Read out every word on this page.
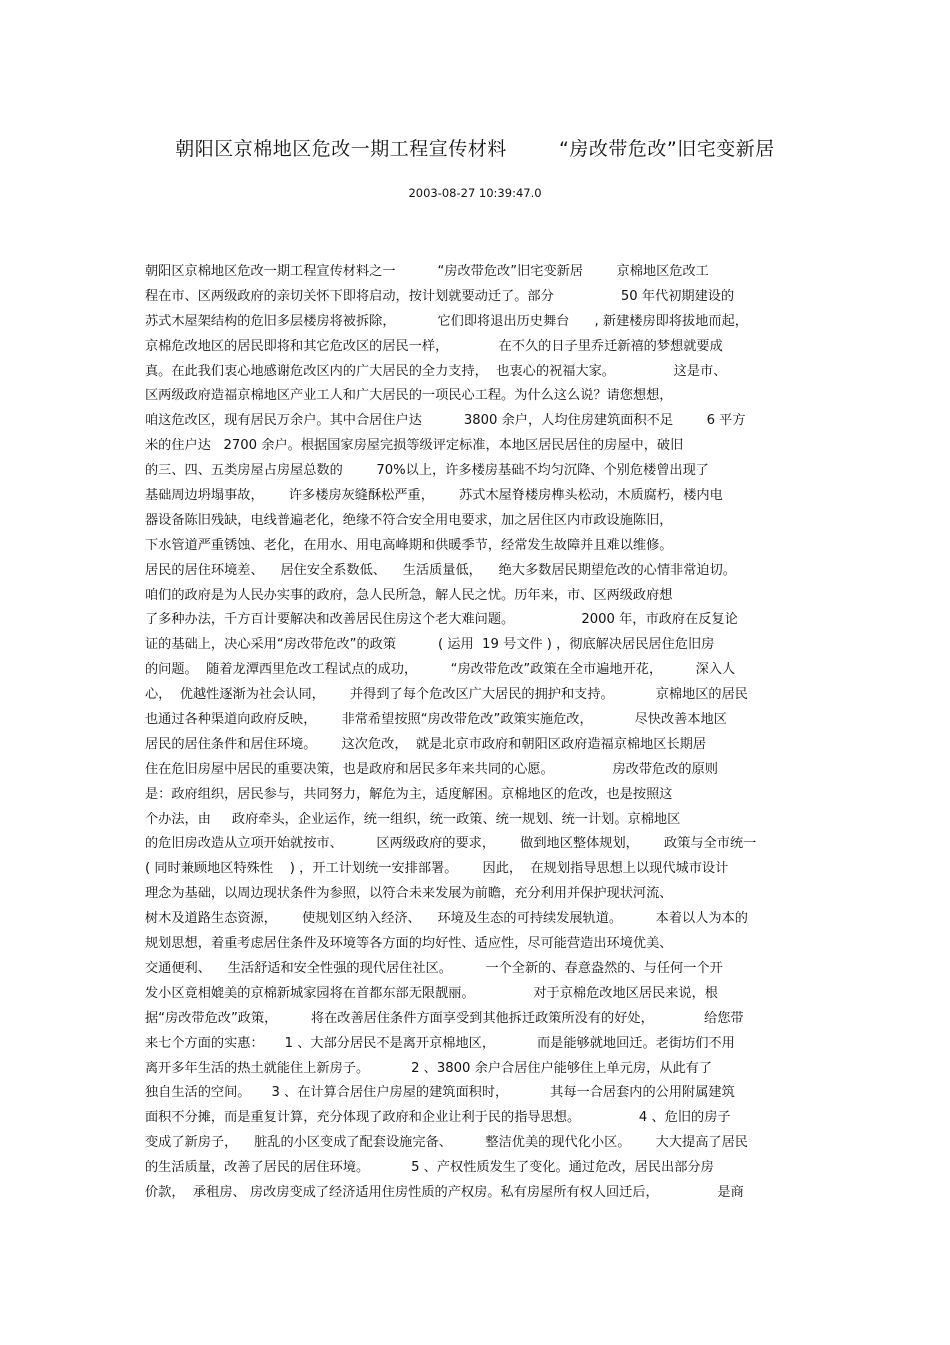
朝阳区京棉地区危改一期工程宣传材料        “房改带危改”旧宅变新居
2003-08-27 10:39:47.0
朝阳区京棉地区危改一期工程宣传材料之一          “房改带危改”旧宅变新居        京棉地区危改工
程在市、区两级政府的亲切关怀下即将启动，按计划就要动迁了。部分                50 年代初期建设的
苏式木屋架结构的危旧多层楼房将被拆除，          它们即将退出历史舞台      , 新建楼房即将拔地而起，
京棉危改地区的居民即将和其它危改区的居民一样，            在不久的日子里乔迁新禧的梦想就要成
真。在此我们衷心地感谢危改区内的广大居民的全力支持，  也衷心的祝福大家。              这是市、
区两级政府造福京棉地区产业工人和广大居民的一项民心工程。为什么这么说？请您想想，
咱这危改区，现有居民万余户。其中合居住户达          3800 余户，人均住房建筑面积不足        6 平方
米的住户达   2700 余户。根据国家房屋完损等级评定标准，本地区居民居住的房屋中，破旧
的三、四、五类房屋占房屋总数的        70%以上，许多楼房基础不均匀沉降、个别危楼曾出现了
基础周边坍塌事故，      许多楼房灰缝酥松严重，      苏式木屋脊楼房榫头松动，木质腐朽，楼内电
器设备陈旧残缺，电线普遍老化，绝缘不符合安全用电要求，加之居住区内市政设施陈旧，
下水管道严重锈蚀、老化，在用水、用电高峰期和供暖季节，经常发生故障并且难以维修。
居民的居住环境差、    居住安全系数低、    生活质量低，    绝大多数居民期望危改的心情非常迫切。
咱们的政府是为人民办实事的政府，急人民所急，解人民之忧。历年来，市、区两级政府想
了多种办法，千方百计要解决和改善居民住房这个老大难问题。                2000 年，市政府在反复论
证的基础上，决心采用“房改带危改”的政策          ( 运用  19 号文件 ) ，彻底解决居民居住危旧房
的问题。  随着龙潭西里危改工程试点的成功，        “房改带危改”政策在全市遍地开花，        深入人
心，  优越性逐渐为社会认同，      并得到了每个危改区广大居民的拥护和支持。          京棉地区的居民
也通过各种渠道向政府反映，      非常希望按照“房改带危改”政策实施危改，          尽快改善本地区
居民的居住条件和居住环境。      这次危改，  就是北京市政府和朝阳区政府造福京棉地区长期居
住在危旧房屋中居民的重要决策，也是政府和居民多年来共同的心愿。              房改带危改的原则
是：政府组织，居民参与，共同努力，解危为主，适度解困。京棉地区的危改，也是按照这
个办法，由     政府牵头，企业运作，统一组织，统一政策、统一规划、统一计划。京棉地区
的危旧房改造从立项开始就按市、        区两级政府的要求，      做到地区整体规划，      政策与全市统一
( 同时兼顾地区特殊性    ) ，开工计划统一安排部署。      因此，  在规划指导思想上以现代城市设计
理念为基础，以周边现状条件为参照，以符合未来发展为前瞻，充分利用并保护现状河流、
树木及道路生态资源，      使规划区纳入经济、    环境及生态的可持续发展轨道。        本着以人为本的
规划思想，着重考虑居住条件及环境等各方面的均好性、适应性，尽可能营造出环境优美、
交通便利、    生活舒适和安全性强的现代居住社区。        一个全新的、春意盎然的、与任何一个开
发小区竟相媲美的京棉新城家园将在首都东部无限靓丽。              对于京棉危改地区居民来说，根
据“房改带危改”政策，        将在改善居住条件方面享受到其他拆迁政策所没有的好处，            给您带
来七个方面的实惠：     1 、大部分居民不是离开京棉地区，          而是能够就地回迁。老街坊们不用
离开多年生活的热土就能住上新房子。          2 、3800 余户合居住户能够住上单元房，从此有了
独自生活的空间。     3 、在计算合居住户房屋的建筑面积时，          其每一合居套内的公用附属建筑
面积不分摊，而是重复计算，充分体现了政府和企业让利于民的指导思想。              4 、危旧的房子
变成了新房子，    脏乱的小区变成了配套设施完备、        整洁优美的现代化小区。      大大提高了居民
的生活质量，改善了居民的居住环境。          5 、产权性质发生了变化。通过危改，居民出部分房
价款，  承租房、 房改房变成了经济适用住房性质的产权房。私有房屋所有权人回迁后，              是商
